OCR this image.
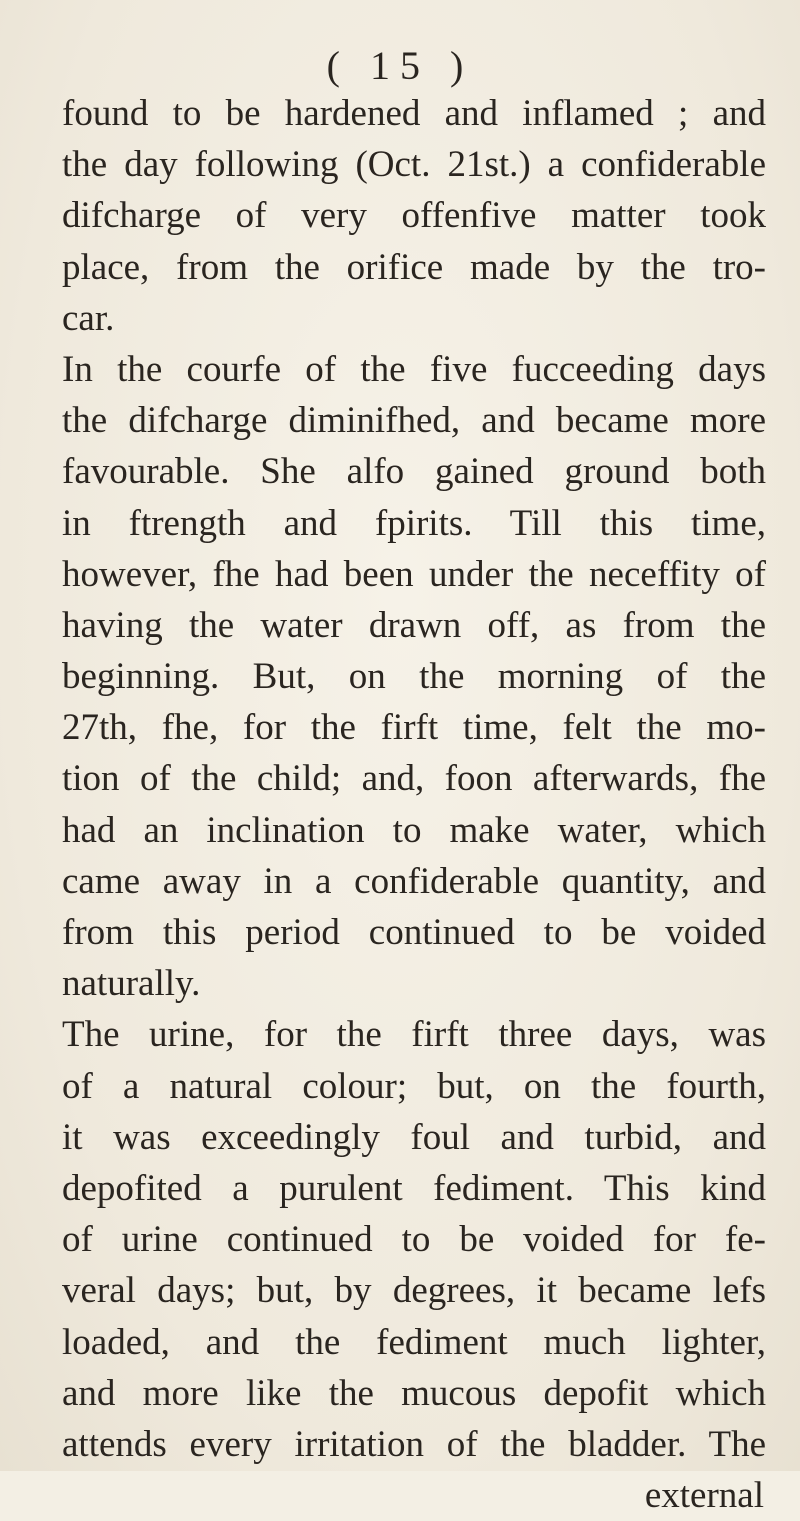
( 15 )
found to be hardened and inflamed ; and
the day following (Oct. 21st.) a confiderable
difcharge of very offenfive matter took
place, from the orifice made by the tro-
car.
In the courfe of the five fucceeding days
the difcharge diminifhed, and became more
favourable. She alfo gained ground both
in ftrength and fpirits. Till this time,
however, fhe had been under the neceffity of
having the water drawn off, as from the
beginning. But, on the morning of the
27th, fhe, for the firft time, felt the mo-
tion of the child; and, foon afterwards, fhe
had an inclination to make water, which
came away in a confiderable quantity, and
from this period continued to be voided
naturally.
The urine, for the firft three days, was
of a natural colour; but, on the fourth,
it was exceedingly foul and turbid, and
depofited a purulent fediment. This kind
of urine continued to be voided for fe-
veral days; but, by degrees, it became lefs
loaded, and the fediment much lighter,
and more like the mucous depofit which
attends every irritation of the bladder. The
external
